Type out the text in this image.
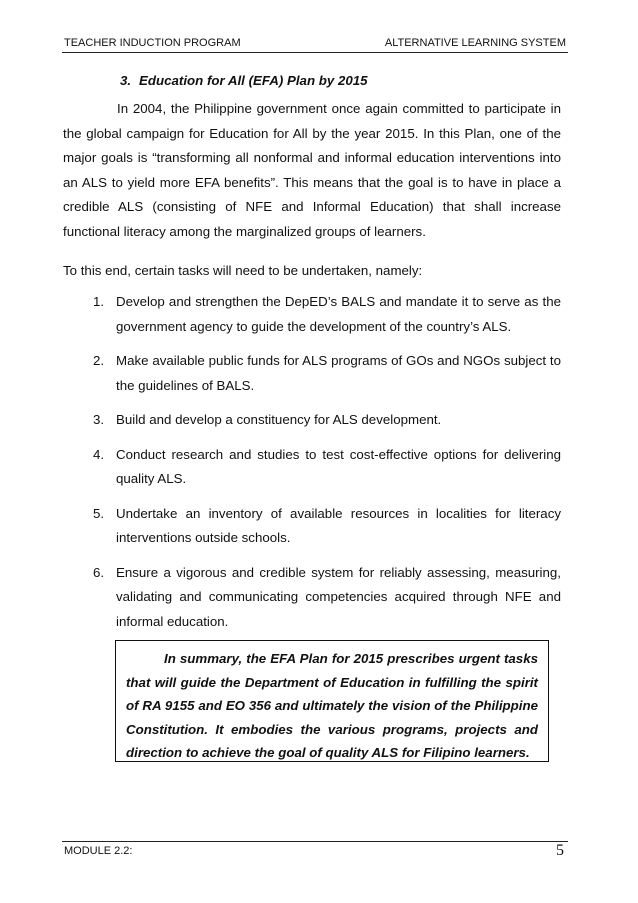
TEACHER INDUCTION PROGRAM	ALTERNATIVE LEARNING SYSTEM
3. Education for All (EFA) Plan by 2015
In 2004, the Philippine government once again committed to participate in the global campaign for Education for All by the year 2015. In this Plan, one of the major goals is “transforming all nonformal and informal education interventions into an ALS to yield more EFA benefits”. This means that the goal is to have in place a credible ALS (consisting of NFE and Informal Education) that shall increase functional literacy among the marginalized groups of learners.
To this end, certain tasks will need to be undertaken, namely:
1. Develop and strengthen the DepED’s BALS and mandate it to serve as the government agency to guide the development of the country’s ALS.
2. Make available public funds for ALS programs of GOs and NGOs subject to the guidelines of BALS.
3. Build and develop a constituency for ALS development.
4. Conduct research and studies to test cost-effective options for delivering quality ALS.
5. Undertake an inventory of available resources in localities for literacy interventions outside schools.
6. Ensure a vigorous and credible system for reliably assessing, measuring, validating and communicating competencies acquired through NFE and informal education.
In summary, the EFA Plan for 2015 prescribes urgent tasks that will guide the Department of Education in fulfilling the spirit of RA 9155 and EO 356 and ultimately the vision of the Philippine Constitution. It embodies the various programs, projects and direction to achieve the goal of quality ALS for Filipino learners.
MODULE 2.2:	5
